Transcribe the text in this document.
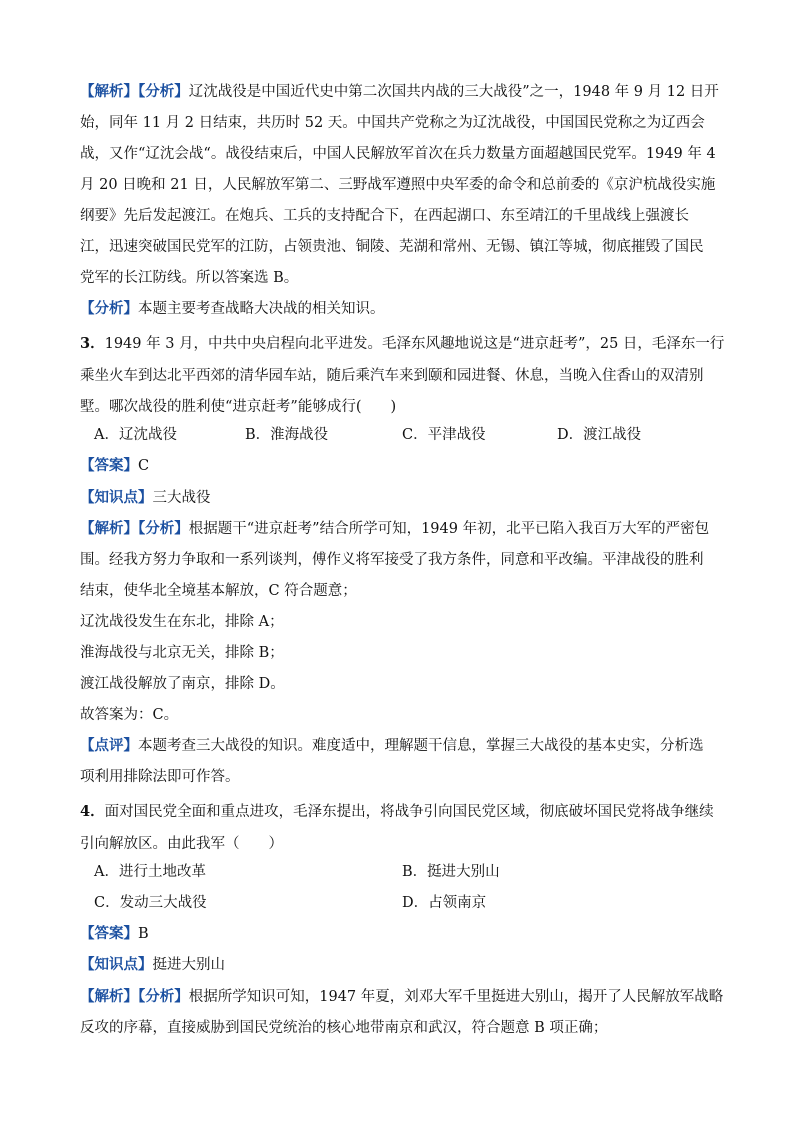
【解析】【分析】辽沈战役是中国近代史中第二次国共内战的三大战役”之一，1948 年 9 月 12 日开
始，同年 11 月 2 日结束，共历时 52 天。中国共产党称之为辽沈战役，中国国民党称之为辽西会
战，又作“辽沈会战“。战役结束后，中国人民解放军首次在兵力数量方面超越国民党军。1949 年 4
月 20 日晚和 21 日，人民解放军第二、三野战军遵照中央军委的命令和总前委的《京沪杭战役实施
纲要》先后发起渡江。在炮兵、工兵的支持配合下，在西起湖口、东至靖江的千里战线上强渡长
江，迅速突破国民党军的江防，占领贵池、铜陵、芜湖和常州、无锡、镇江等城，彻底摧毁了国民
党军的长江防线。所以答案选 B。
【分析】本题主要考查战略大决战的相关知识。
3．1949 年 3 月，中共中央启程向北平进发。毛泽东风趣地说这是“进京赶考”，25 日，毛泽东一行
乘坐火车到达北平西郊的清华园车站，随后乘汽车来到颐和园进餐、休息，当晚入住香山的双清别
墅。哪次战役的胜利使“进京赶考”能够成行(　　)
A．辽沈战役	B．淮海战役	C．平津战役	D．渡江战役
【答案】C
【知识点】三大战役
【解析】【分析】根据题干“进京赶考”结合所学可知，1949 年初，北平已陷入我百万大军的严密包
围。经我方努力争取和一系列谈判，傅作义将军接受了我方条件，同意和平改编。平津战役的胜利
结束，使华北全境基本解放，C 符合题意；
辽沈战役发生在东北，排除 A；
淮海战役与北京无关，排除 B；
渡江战役解放了南京，排除 D。
故答案为：C。
【点评】本题考查三大战役的知识。难度适中，理解题干信息，掌握三大战役的基本史实，分析选
项利用排除法即可作答。
4．面对国民党全面和重点进攻，毛泽东提出，将战争引向国民党区域，彻底破坏国民党将战争继续
引向解放区。由此我军（　　）
A．进行土地改革	B．挺进大别山
C．发动三大战役	D．占领南京
【答案】B
【知识点】挺进大别山
【解析】【分析】根据所学知识可知，1947 年夏，刘邓大军千里挺进大别山，揭开了人民解放军战略
反攻的序幕，直接威胁到国民党统治的核心地带南京和武汉，符合题意 B 项正确；
